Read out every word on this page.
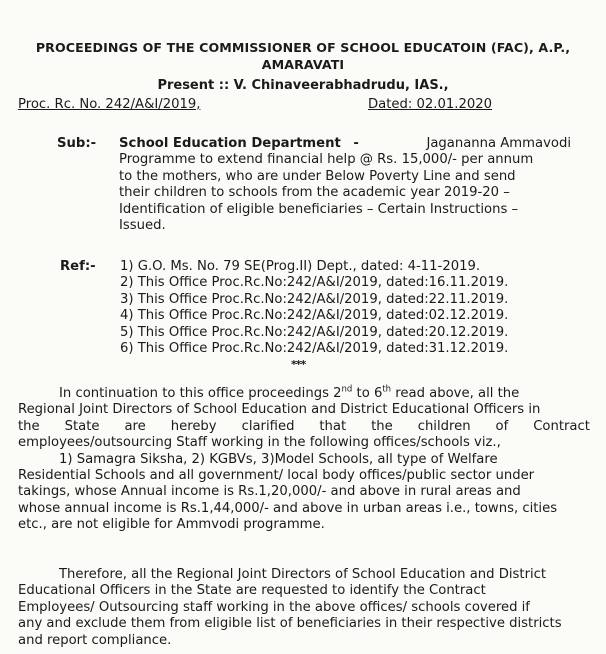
PROCEEDINGS OF THE COMMISSIONER OF SCHOOL EDUCATOIN (FAC), A.P.,
AMARAVATI
Present :: V. Chinaveerabhadrudu, IAS.,
Proc. Rc. No. 242/A&I/2019,	Dated: 02.01.2020
Sub:- School Education Department -	Jagananna Ammavodi
Programme to extend financial help @ Rs. 15,000/- per annum
to the mothers, who are under Below Poverty Line and send
their children to schools from the academic year 2019-20 –
Identification of eligible beneficiaries – Certain Instructions –
Issued.
Ref:- 1) G.O. Ms. No. 79 SE(Prog.II) Dept., dated: 4-11-2019.
2) This Office Proc.Rc.No:242/A&I/2019, dated:16.11.2019.
3) This Office Proc.Rc.No:242/A&I/2019, dated:22.11.2019.
4) This Office Proc.Rc.No:242/A&I/2019, dated:02.12.2019.
5) This Office Proc.Rc.No:242/A&I/2019, dated:20.12.2019.
6) This Office Proc.Rc.No:242/A&I/2019, dated:31.12.2019.
***
In continuation to this office proceedings 2nd to 6th read above, all the
Regional Joint Directors of School Education and District Educational Officers in
the State are hereby clarified that the children of Contract
employees/outsourcing Staff working in the following offices/schools viz.,
1) Samagra Siksha, 2) KGBVs, 3)Model Schools, all type of Welfare
Residential Schools and all government/ local body offices/public sector under
takings, whose Annual income is Rs.1,20,000/- and above in rural areas and
whose annual income is Rs.1,44,000/- and above in urban areas i.e., towns, cities
etc., are not eligible for Ammvodi programme.
Therefore, all the Regional Joint Directors of School Education and District
Educational Officers in the State are requested to identify the Contract
Employees/ Outsourcing staff working in the above offices/ schools covered if
any and exclude them from eligible list of beneficiaries in their respective districts
and report compliance.
